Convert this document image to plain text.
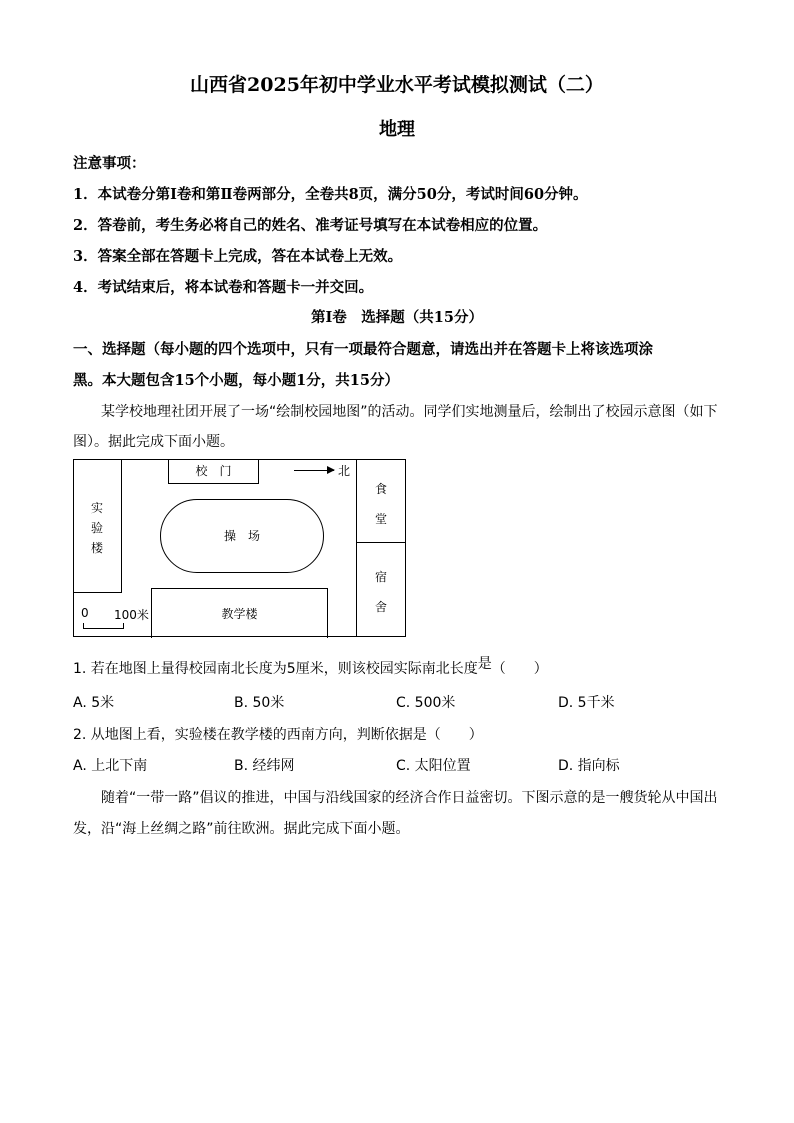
山西省2025年初中学业水平考试模拟测试（二）
地理
注意事项：
1．本试卷分第Ⅰ卷和第Ⅱ卷两部分，全卷共8页，满分50分，考试时间60分钟。
2．答卷前，考生务必将自己的姓名、准考证号填写在本试卷相应的位置。
3．答案全部在答题卡上完成，答在本试卷上无效。
4．考试结束后，将本试卷和答题卡一并交回。
第Ⅰ卷　选择题（共15分）
一、选择题（每小题的四个选项中，只有一项最符合题意，请选出并在答题卡上将该选项涂
黑。本大题包含15个小题，每小题1分，共15分）
某学校地理社团开展了一场“绘制校园地图”的活动。同学们实地测量后，绘制出了校园示意图（如下
图）。据此完成下面小题。
校　门	北
实验楼
操　场
食堂
宿舍
教学楼
0 100米
1. 若在地图上量得校园南北长度为5厘米，则该校园实际南北长度是（　　）
A. 5米	B. 50米	C. 500米	D. 5千米
2. 从地图上看，实验楼在教学楼的西南方向，判断依据是（　　）
A. 上北下南	B. 经纬网	C. 太阳位置	D. 指向标
随着“一带一路”倡议的推进，中国与沿线国家的经济合作日益密切。下图示意的是一艘货轮从中国出
发，沿“海上丝绸之路”前往欧洲。据此完成下面小题。
